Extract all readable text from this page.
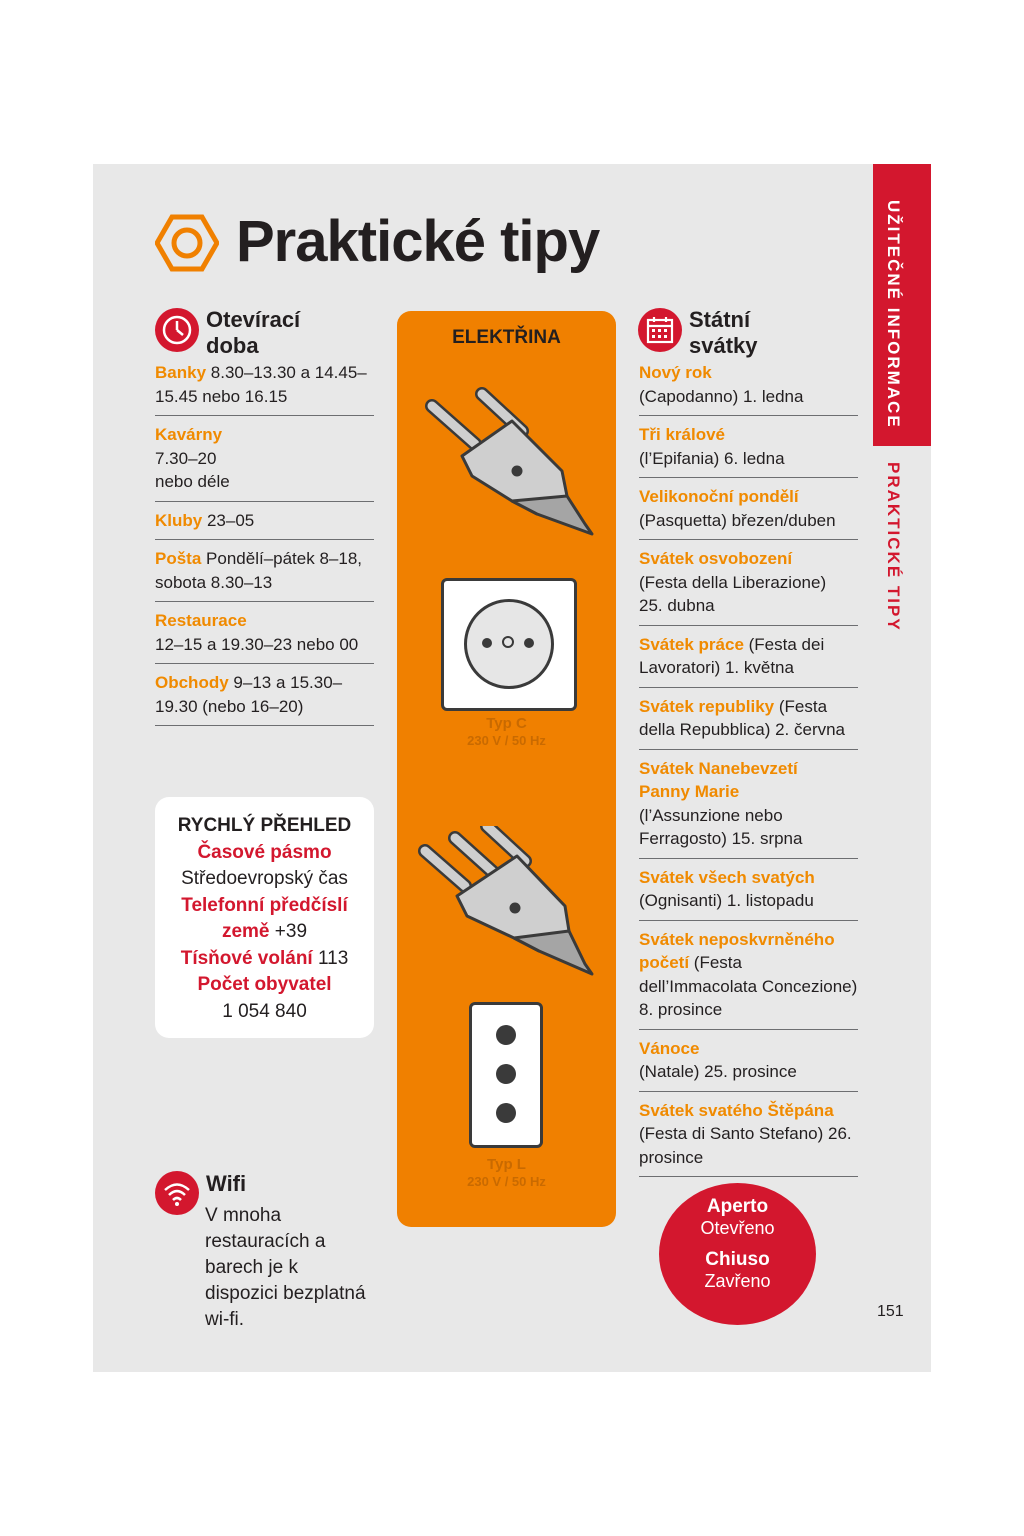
UŽITEČNÉ INFORMACE
PRAKTICKÉ TIPY
Praktické tipy
Otevírací
doba
Banky 8.30–13.30 a 14.45–15.45 nebo 16.15
Kavárny
7.30–20 nebo déle
Kluby 23–05
Pošta Pondělí–pátek 8–18, sobota 8.30–13
Restaurace
12–15 a 19.30–23 nebo 00
Obchody 9–13 a 15.30–19.30 (nebo 16–20)
RYCHLÝ PŘEHLED
Časové pásmo
Středoevropský čas
Telefonní předčíslí země +39
Tísňové volání 113
Počet obyvatel
1 054 840
Wifi
V mnoha restauracích a barech je k dispozici bezplatná wi-fi.
ELEKTŘINA
Typ C
230 V / 50 Hz
Typ L
230 V / 50 Hz
Státní
svátky
Nový rok (Capodanno) 1. ledna
Tři králové (l’Epifania) 6. ledna
Velikonoční pondělí
(Pasquetta) březen/duben
Svátek osvobození
(Festa della Liberazione) 25. dubna
Svátek práce (Festa dei Lavoratori) 1. května
Svátek republiky (Festa della Repubblica) 2. června
Svátek Nanebevzetí Panny Marie (l’Assunzione nebo Ferragosto) 15. srpna
Svátek všech svatých
(Ognisanti) 1. listopadu
Svátek neposkvrněného početí (Festa dell’Immacolata Concezione) 8. prosince
Vánoce (Natale) 25. prosince
Svátek svatého Štěpána
(Festa di Santo Stefano) 26. prosince
Aperto
Otevřeno
Chiuso
Zavřeno
151
